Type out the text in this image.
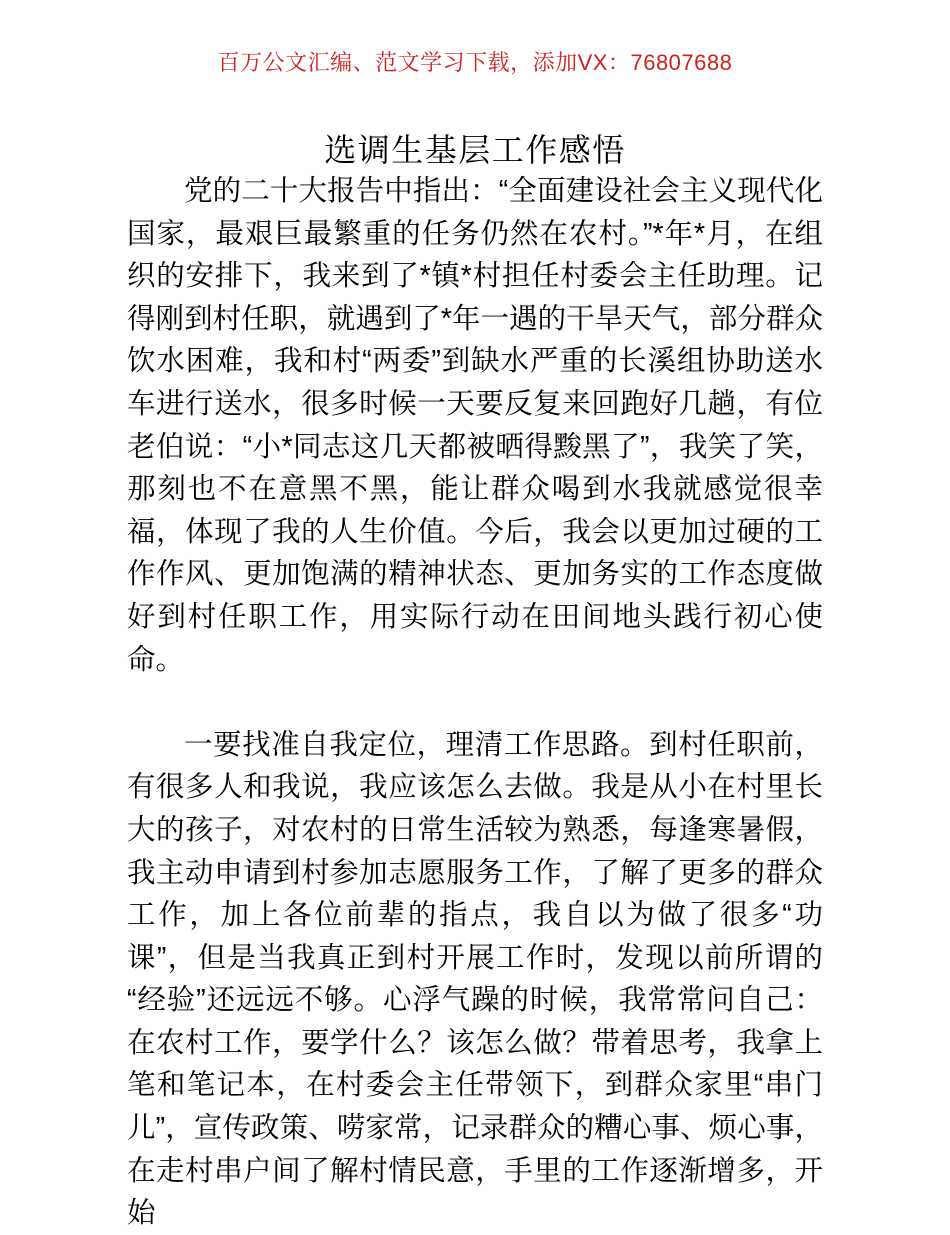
百万公文汇编、范文学习下载，添加VX：76807688
选调生基层工作感悟

党的二十大报告中指出：“全面建设社会主义现代化国家，最艰巨最繁重的任务仍然在农村。”*年*月，在组织的安排下，我来到了*镇*村担任村委会主任助理。记得刚到村任职，就遇到了*年一遇的干旱天气，部分群众饮水困难，我和村“两委”到缺水严重的长溪组协助送水车进行送水，很多时候一天要反复来回跑好几趟，有位老伯说：“小*同志这几天都被晒得黢黑了”，我笑了笑，那刻也不在意黑不黑，能让群众喝到水我就感觉很幸福，体现了我的人生价值。今后，我会以更加过硬的工作作风、更加饱满的精神状态、更加务实的工作态度做好到村任职工作，用实际行动在田间地头践行初心使命。

一要找准自我定位，理清工作思路。到村任职前，有很多人和我说，我应该怎么去做。我是从小在村里长大的孩子，对农村的日常生活较为熟悉，每逢寒暑假，我主动申请到村参加志愿服务工作，了解了更多的群众工作，加上各位前辈的指点，我自以为做了很多“功课”，但是当我真正到村开展工作时，发现以前所谓的“经验”还远远不够。心浮气躁的时候，我常常问自己：在农村工作，要学什么？该怎么做？带着思考，我拿上笔和笔记本，在村委会主任带领下，到群众家里“串门儿”，宣传政策、唠家常，记录群众的糟心事、烦心事，在走村串户间了解村情民意，手里的工作逐渐增多，开始
